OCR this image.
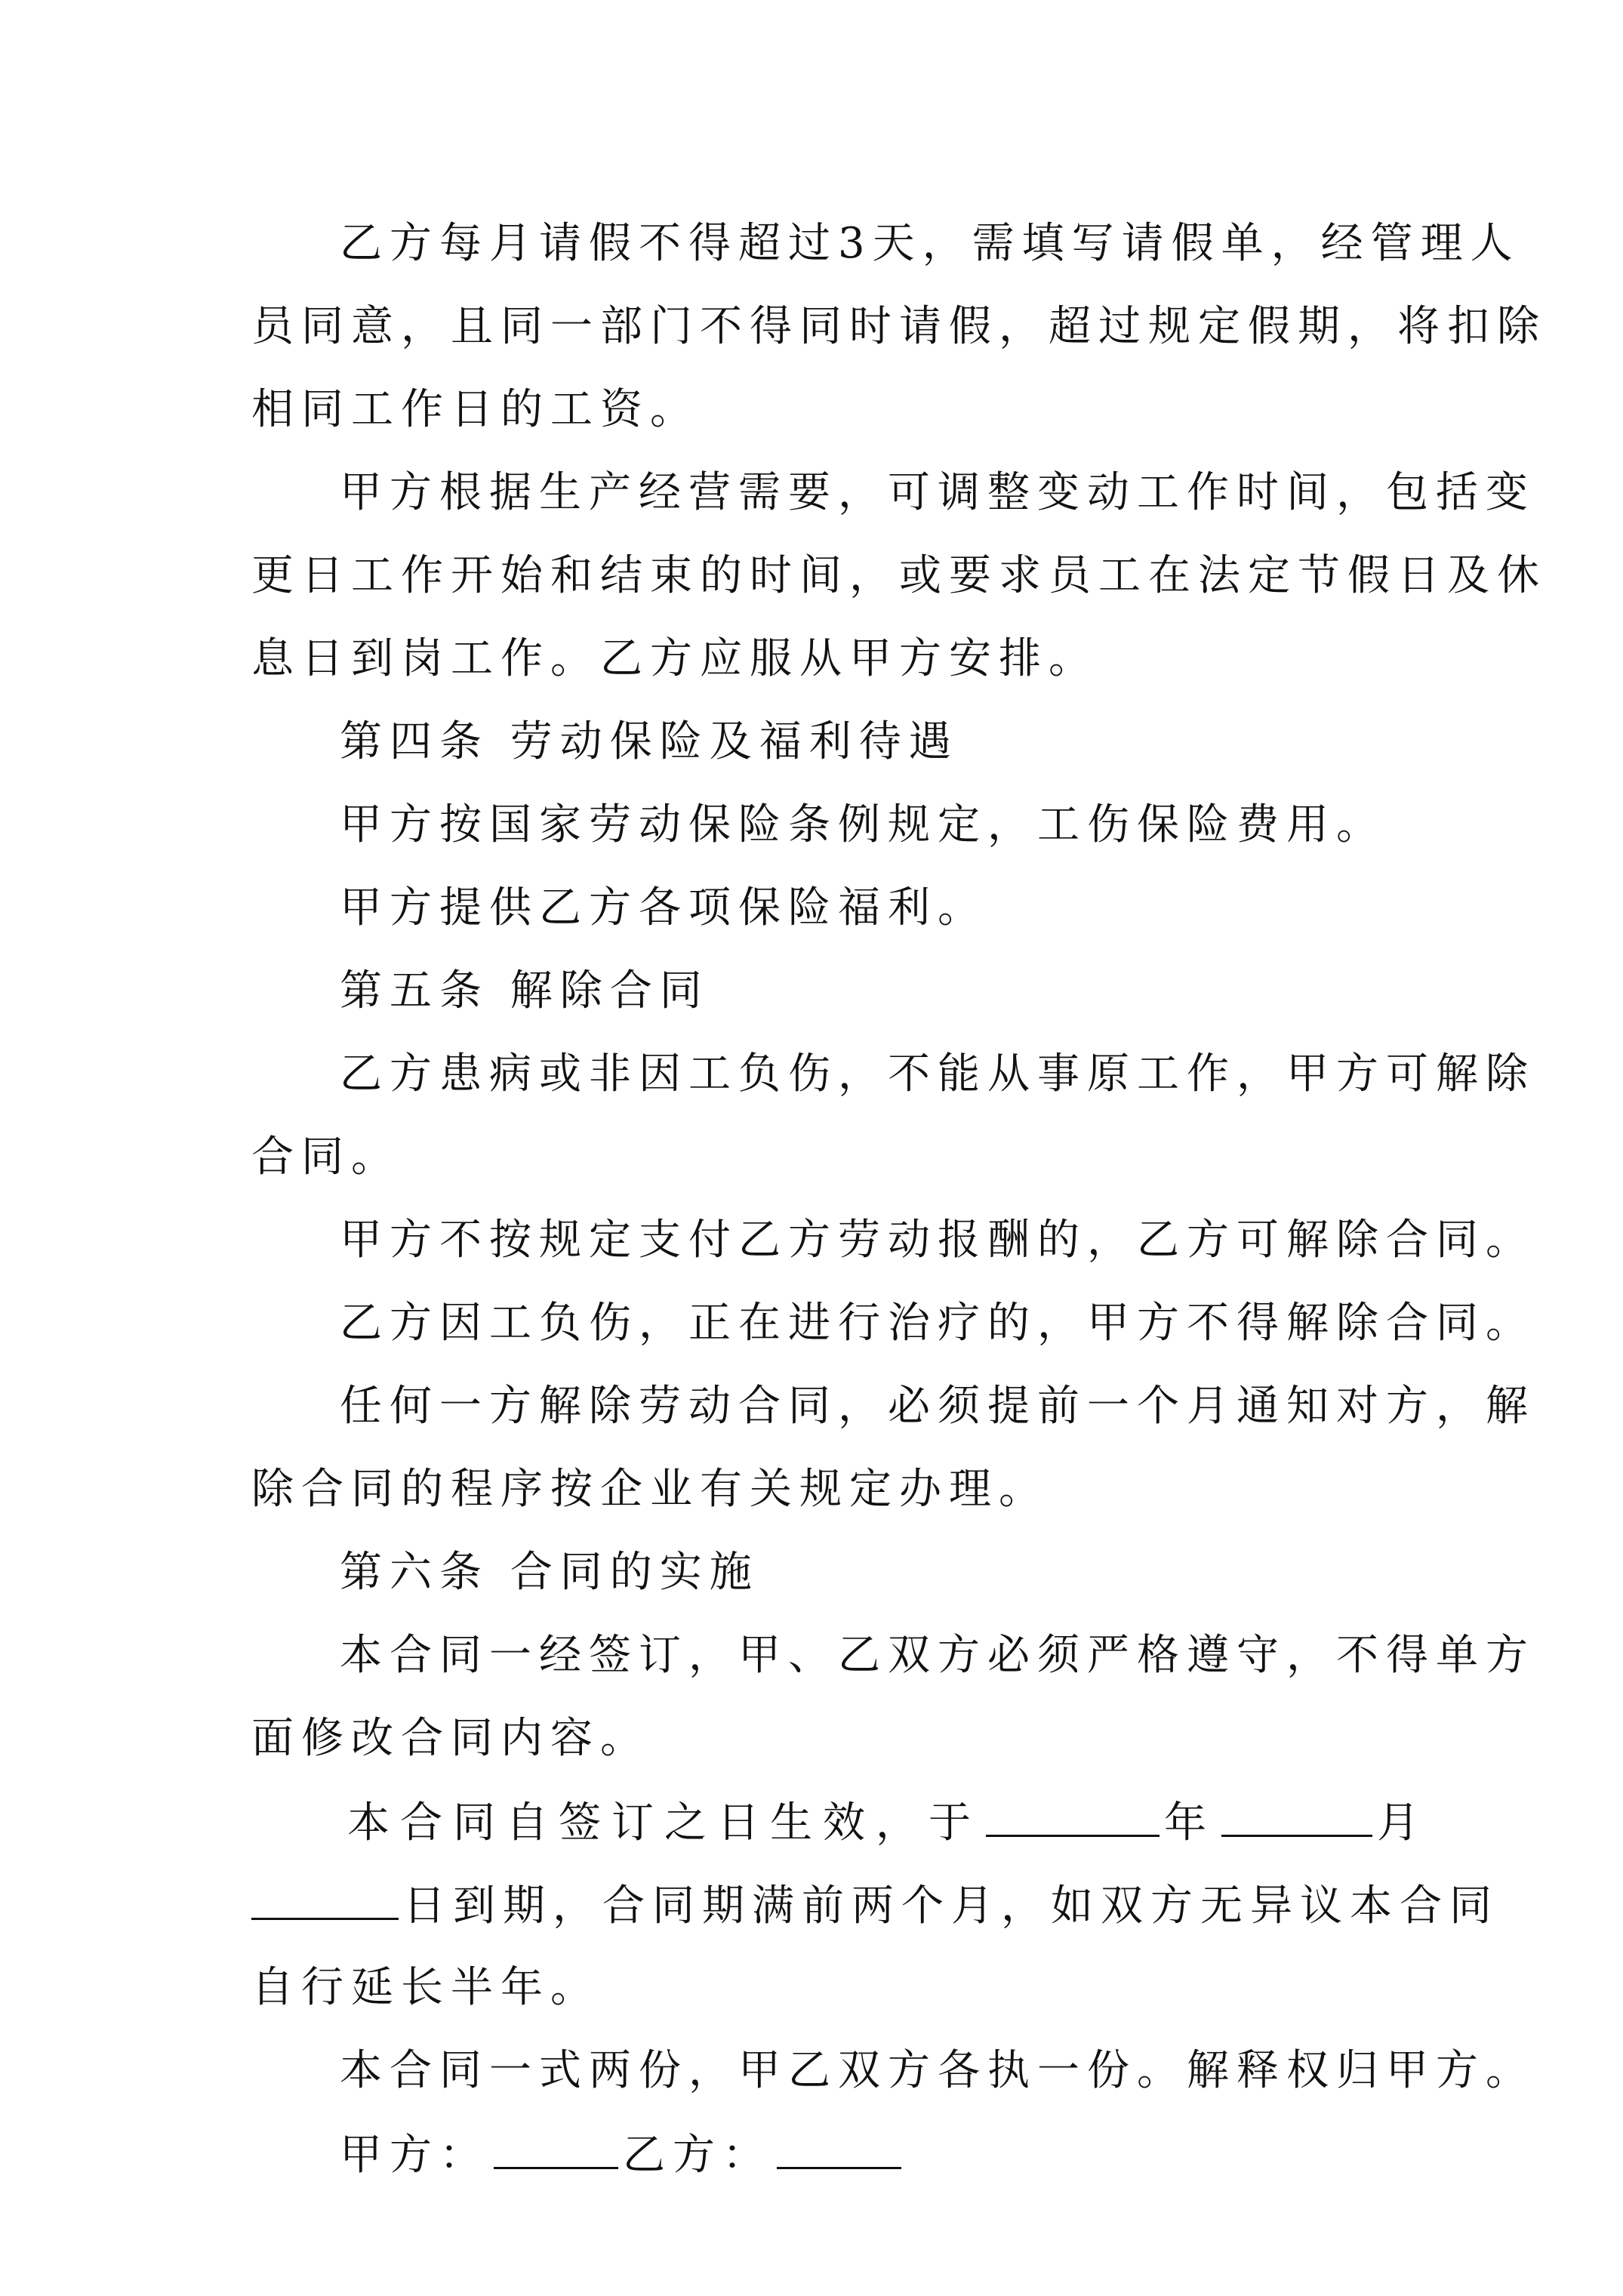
乙方每月请假不得超过3天，需填写请假单，经管理人
员同意，且同一部门不得同时请假，超过规定假期，将扣除
相同工作日的工资。
甲方根据生产经营需要，可调整变动工作时间，包括变
更日工作开始和结束的时间，或要求员工在法定节假日及休
息日到岗工作。乙方应服从甲方安排。
第四条 劳动保险及福利待遇
甲方按国家劳动保险条例规定，工伤保险费用。
甲方提供乙方各项保险福利。
第五条 解除合同
乙方患病或非因工负伤，不能从事原工作，甲方可解除
合同。
甲方不按规定支付乙方劳动报酬的，乙方可解除合同。
乙方因工负伤，正在进行治疗的，甲方不得解除合同。
任何一方解除劳动合同，必须提前一个月通知对方，解
除合同的程序按企业有关规定办理。
第六条 合同的实施
本合同一经签订，甲、乙双方必须严格遵守，不得单方
面修改合同内容。
本合同自签订之日生效，于	年	月
日到期，合同期满前两个月，如双方无异议本合同
自行延长半年。
本合同一式两份，甲乙双方各执一份。解释权归甲方。
甲方：	乙方：
